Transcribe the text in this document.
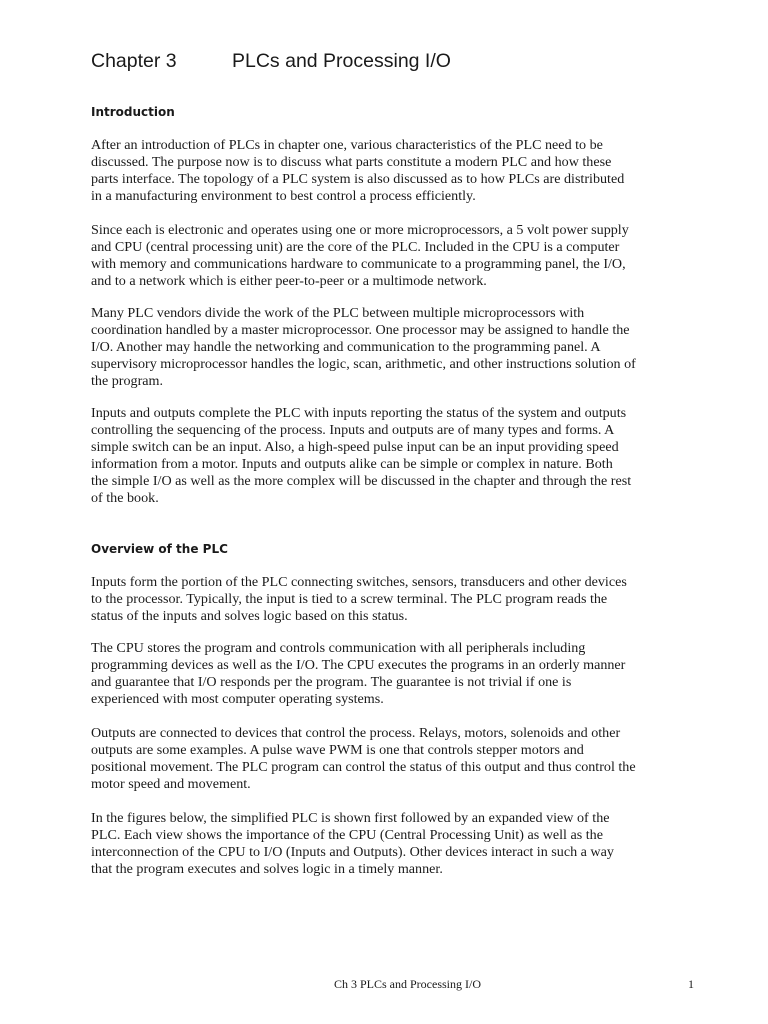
Chapter 3	PLCs and Processing I/O
Introduction

After an introduction of PLCs in chapter one, various characteristics of the PLC need to be
discussed. The purpose now is to discuss what parts constitute a modern PLC and how these
parts interface. The topology of a PLC system is also discussed as to how PLCs are distributed
in a manufacturing environment to best control a process efficiently.

Since each is electronic and operates using one or more microprocessors, a 5 volt power supply
and CPU (central processing unit) are the core of the PLC. Included in the CPU is a computer
with memory and communications hardware to communicate to a programming panel, the I/O,
and to a network which is either peer-to-peer or a multimode network.

Many PLC vendors divide the work of the PLC between multiple microprocessors with
coordination handled by a master microprocessor. One processor may be assigned to handle the
I/O. Another may handle the networking and communication to the programming panel. A
supervisory microprocessor handles the logic, scan, arithmetic, and other instructions solution of
the program.

Inputs and outputs complete the PLC with inputs reporting the status of the system and outputs
controlling the sequencing of the process. Inputs and outputs are of many types and forms. A
simple switch can be an input. Also, a high-speed pulse input can be an input providing speed
information from a motor. Inputs and outputs alike can be simple or complex in nature. Both
the simple I/O as well as the more complex will be discussed in the chapter and through the rest
of the book.

Overview of the PLC

Inputs form the portion of the PLC connecting switches, sensors, transducers and other devices
to the processor. Typically, the input is tied to a screw terminal. The PLC program reads the
status of the inputs and solves logic based on this status.

The CPU stores the program and controls communication with all peripherals including
programming devices as well as the I/O. The CPU executes the programs in an orderly manner
and guarantee that I/O responds per the program. The guarantee is not trivial if one is
experienced with most computer operating systems.

Outputs are connected to devices that control the process. Relays, motors, solenoids and other
outputs are some examples. A pulse wave PWM is one that controls stepper motors and
positional movement. The PLC program can control the status of this output and thus control the
motor speed and movement.

In the figures below, the simplified PLC is shown first followed by an expanded view of the
PLC. Each view shows the importance of the CPU (Central Processing Unit) as well as the
interconnection of the CPU to I/O (Inputs and Outputs). Other devices interact in such a way
that the program executes and solves logic in a timely manner.

Ch 3 PLCs and Processing I/O	1
